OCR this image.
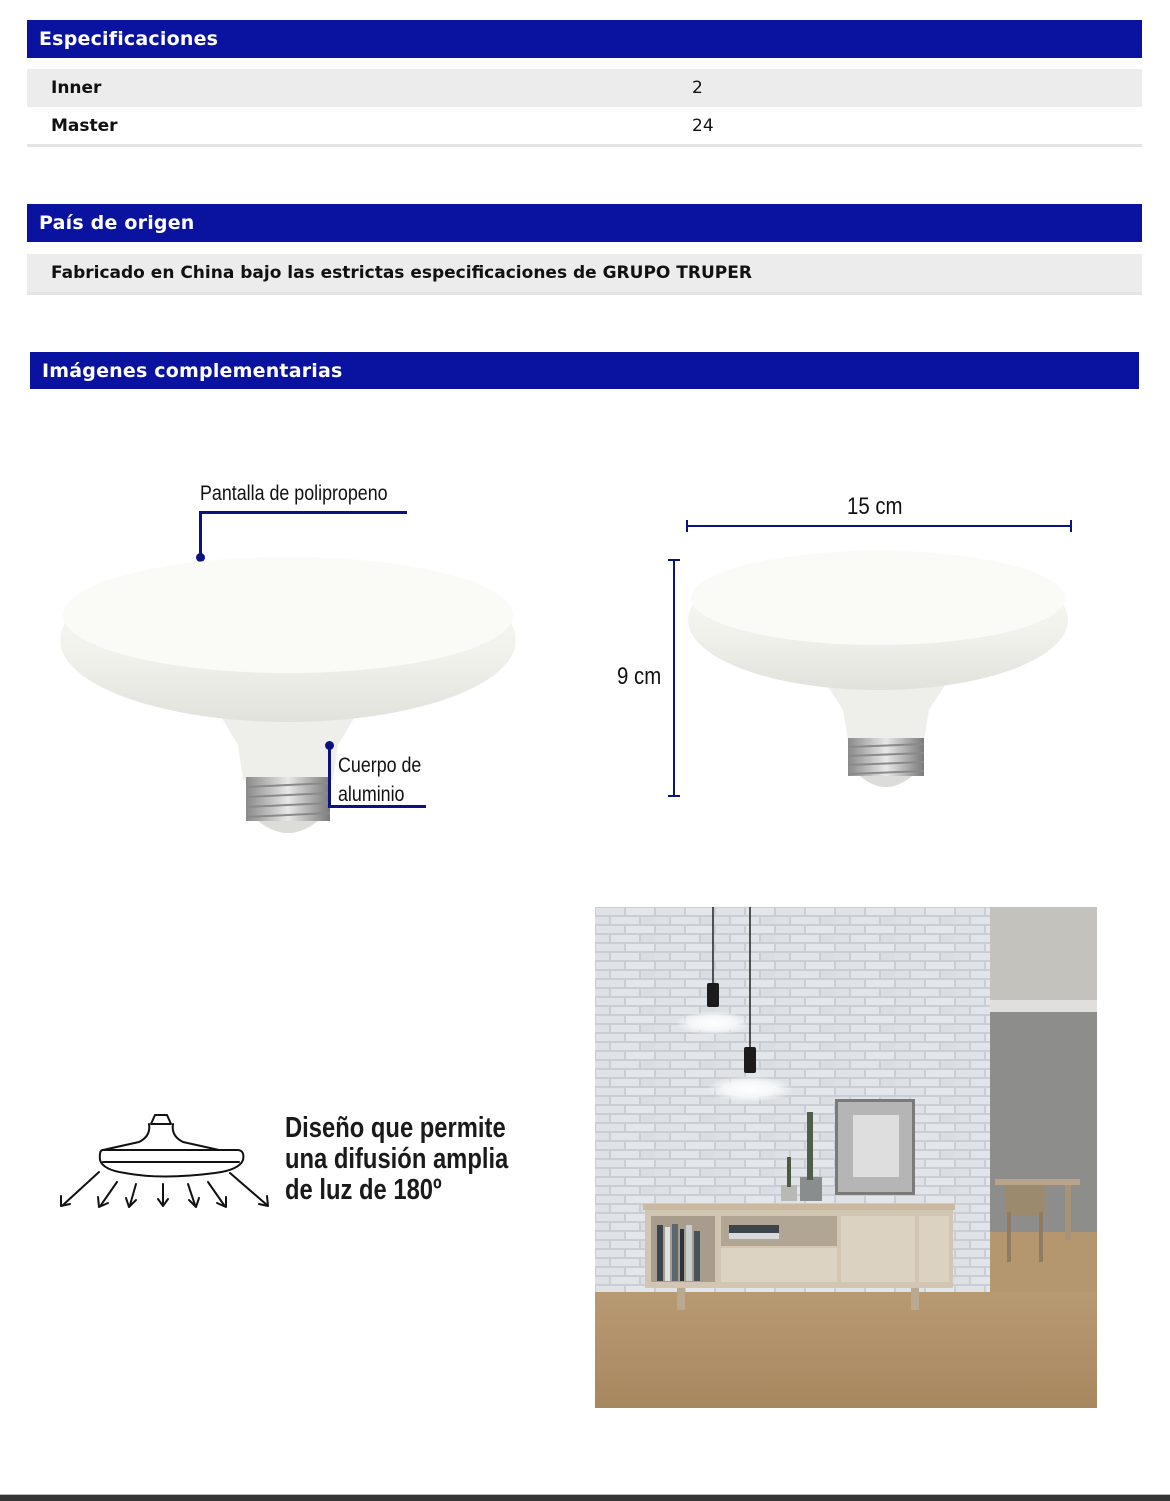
Especificaciones
Inner	2
Master	24
País de origen
Fabricado en China bajo las estrictas especificaciones de GRUPO TRUPER
Imágenes complementarias
Pantalla de polipropeno
Cuerpo de
aluminio
15 cm
9 cm
Diseño que permite
una difusión amplia
de luz de 180º
